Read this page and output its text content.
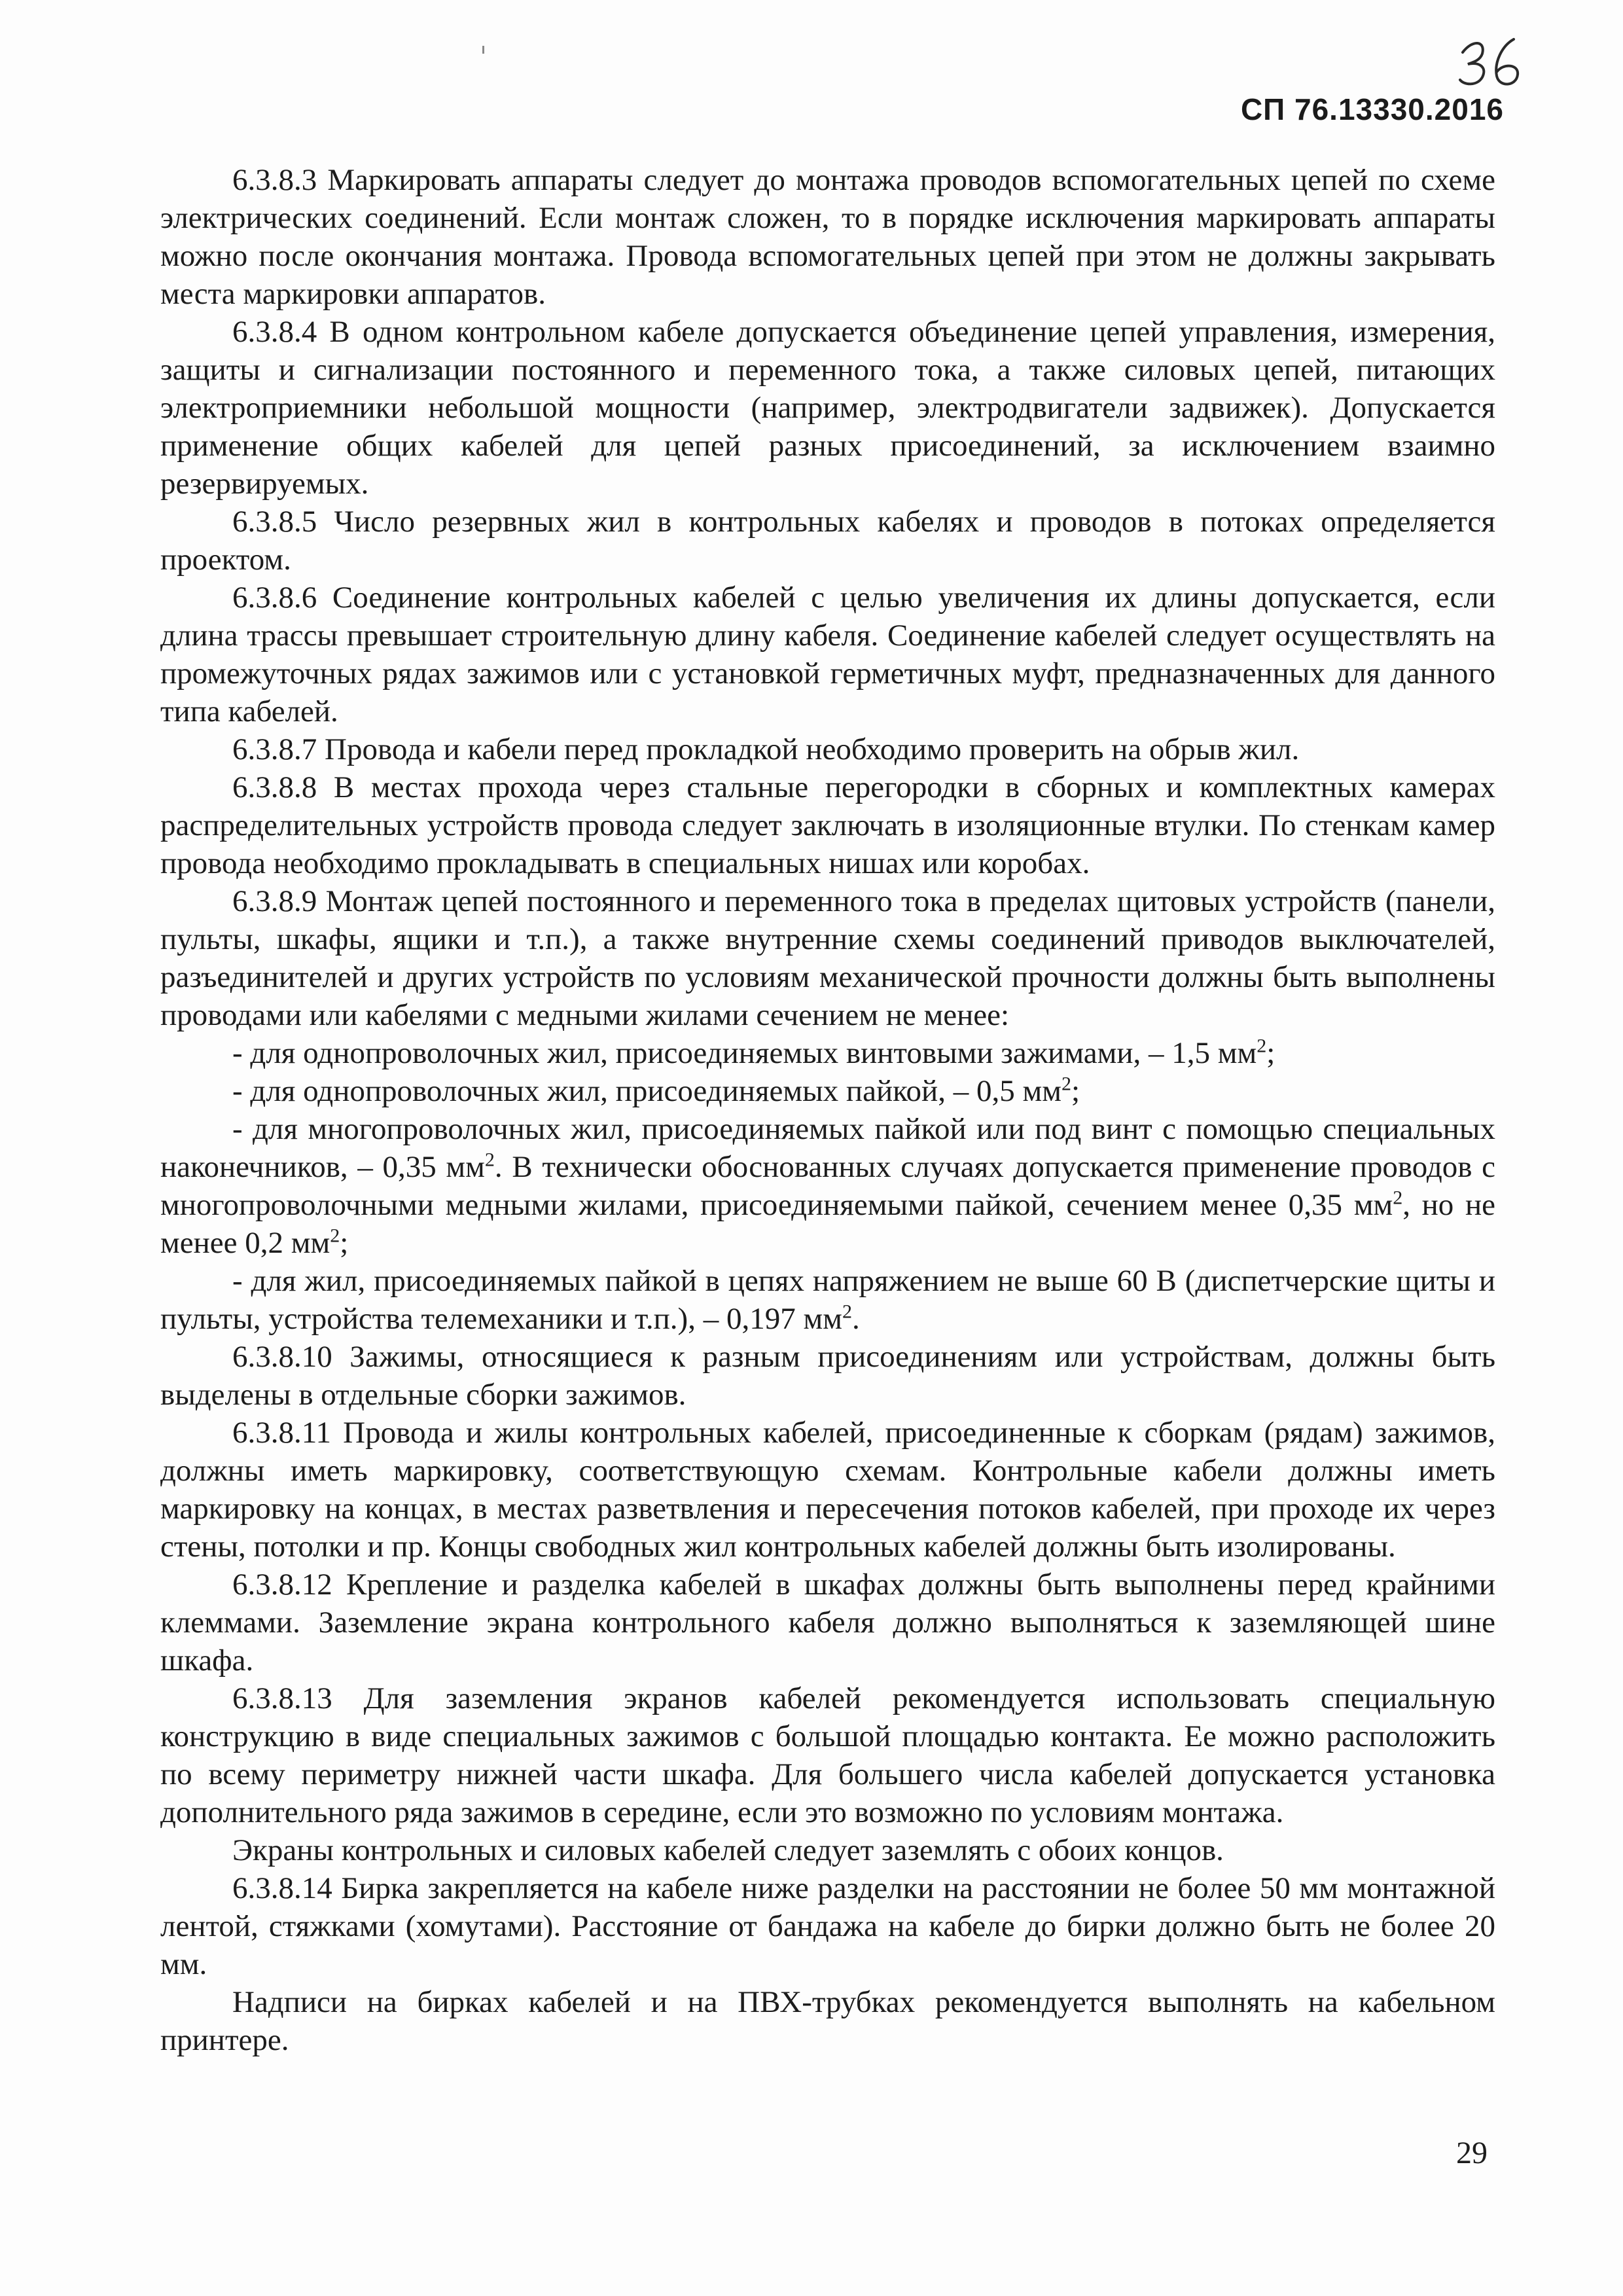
СП 76.13330.2016

6.3.8.3 Маркировать аппараты следует до монтажа проводов вспомогательных цепей по схеме электрических соединений. Если монтаж сложен, то в порядке исключения маркировать аппараты можно после окончания монтажа. Провода вспомогательных цепей при этом не должны закрывать места маркировки аппаратов.

6.3.8.4 В одном контрольном кабеле допускается объединение цепей управления, измерения, защиты и сигнализации постоянного и переменного тока, а также силовых цепей, питающих электроприемники небольшой мощности (например, электродвигатели задвижек). Допускается применение общих кабелей для цепей разных присоединений, за исключением взаимно резервируемых.

6.3.8.5 Число резервных жил в контрольных кабелях и проводов в потоках определяется проектом.

6.3.8.6 Соединение контрольных кабелей с целью увеличения их длины допускается, если длина трассы превышает строительную длину кабеля. Соединение кабелей следует осуществлять на промежуточных рядах зажимов или с установкой герметичных муфт, предназначенных для данного типа кабелей.

6.3.8.7 Провода и кабели перед прокладкой необходимо проверить на обрыв жил.

6.3.8.8 В местах прохода через стальные перегородки в сборных и комплектных камерах распределительных устройств провода следует заключать в изоляционные втулки. По стенкам камер провода необходимо прокладывать в специальных нишах или коробах.

6.3.8.9 Монтаж цепей постоянного и переменного тока в пределах щитовых устройств (панели, пульты, шкафы, ящики и т.п.), а также внутренние схемы соединений приводов выключателей, разъединителей и других устройств по условиям механической прочности должны быть выполнены проводами или кабелями с медными жилами сечением не менее:

- для однопроволочных жил, присоединяемых винтовыми зажимами, – 1,5 $мм^2$;

- для однопроволочных жил, присоединяемых пайкой, – 0,5 $мм^2$;

- для многопроволочных жил, присоединяемых пайкой или под винт с помощью специальных наконечников, – 0,35 $мм^2$. В технически обоснованных случаях допускается применение проводов с многопроволочными медными жилами, присоединяемыми пайкой, сечением менее 0,35 $мм^2$, но не менее 0,2 $мм^2$;

- для жил, присоединяемых пайкой в цепях напряжением не выше 60 В (диспетчерские щиты и пульты, устройства телемеханики и т.п.), – 0,197 $мм^2$.

6.3.8.10 Зажимы, относящиеся к разным присоединениям или устройствам, должны быть выделены в отдельные сборки зажимов.

6.3.8.11 Провода и жилы контрольных кабелей, присоединенные к сборкам (рядам) зажимов, должны иметь маркировку, соответствующую схемам. Контрольные кабели должны иметь маркировку на концах, в местах разветвления и пересечения потоков кабелей, при проходе их через стены, потолки и пр. Концы свободных жил контрольных кабелей должны быть изолированы.

6.3.8.12 Крепление и разделка кабелей в шкафах должны быть выполнены перед крайними клеммами. Заземление экрана контрольного кабеля должно выполняться к заземляющей шине шкафа.

6.3.8.13 Для заземления экранов кабелей рекомендуется использовать специальную конструкцию в виде специальных зажимов с большой площадью контакта. Ее можно расположить по всему периметру нижней части шкафа. Для большего числа кабелей допускается установка дополнительного ряда зажимов в середине, если это возможно по условиям монтажа.

Экраны контрольных и силовых кабелей следует заземлять с обоих концов.

6.3.8.14 Бирка закрепляется на кабеле ниже разделки на расстоянии не более 50 мм монтажной лентой, стяжками (хомутами). Расстояние от бандажа на кабеле до бирки должно быть не более 20 мм.

Надписи на бирках кабелей и на ПВХ-трубках рекомендуется выполнять на кабельном принтере.

29
